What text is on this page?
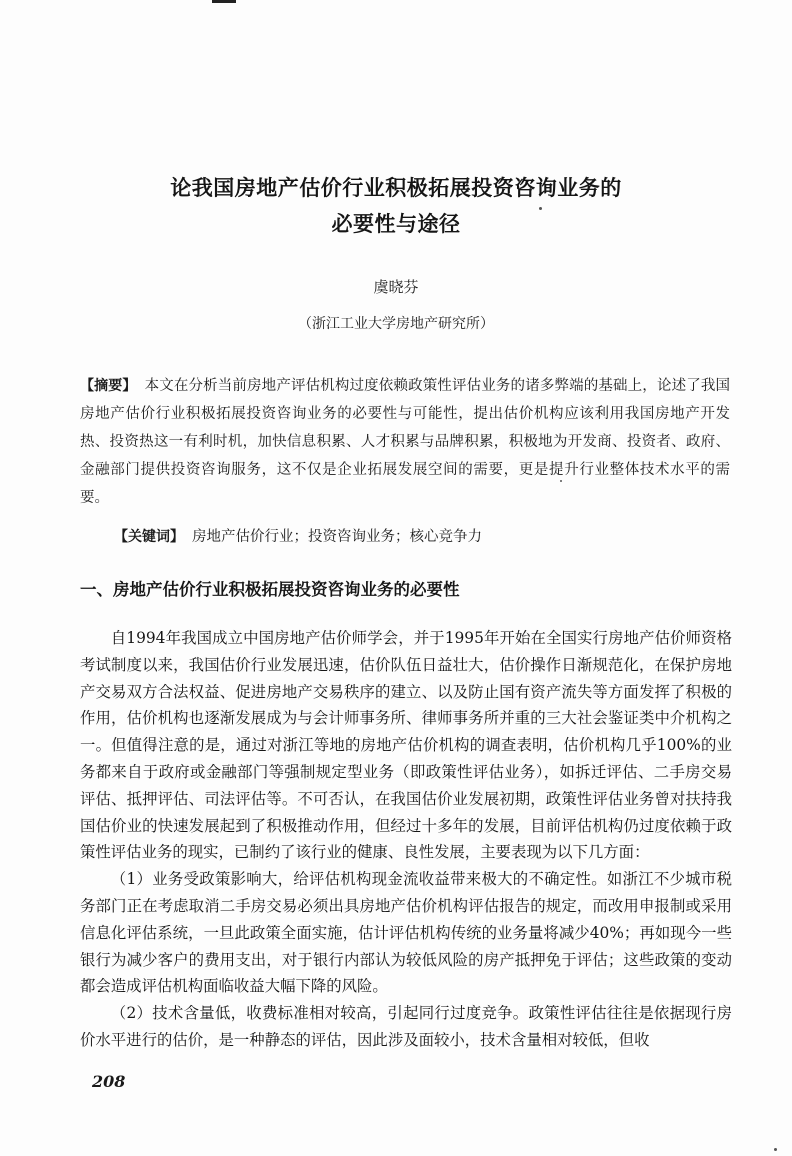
论我国房地产估价行业积极拓展投资咨询业务的
必要性与途径
虞晓芬
（浙江工业大学房地产研究所）
【摘要】 本文在分析当前房地产评估机构过度依赖政策性评估业务的诸多弊端的基础上，论述了我国房地产估价行业积极拓展投资咨询业务的必要性与可能性，提出估价机构应该利用我国房地产开发热、投资热这一有利时机，加快信息积累、人才积累与品牌积累，积极地为开发商、投资者、政府、金融部门提供投资咨询服务，这不仅是企业拓展发展空间的需要，更是提升行业整体技术水平的需要。
【关键词】 房地产估价行业；投资咨询业务；核心竞争力
一、房地产估价行业积极拓展投资咨询业务的必要性

自1994年我国成立中国房地产估价师学会，并于1995年开始在全国实行房地产估价师资格考试制度以来，我国估价行业发展迅速，估价队伍日益壮大，估价操作日渐规范化，在保护房地产交易双方合法权益、促进房地产交易秩序的建立、以及防止国有资产流失等方面发挥了积极的作用，估价机构也逐渐发展成为与会计师事务所、律师事务所并重的三大社会鉴证类中介机构之一。但值得注意的是，通过对浙江等地的房地产估价机构的调查表明，估价机构几乎100%的业务都来自于政府或金融部门等强制规定型业务（即政策性评估业务），如拆迁评估、二手房交易评估、抵押评估、司法评估等。不可否认，在我国估价业发展初期，政策性评估业务曾对扶持我国估价业的快速发展起到了积极推动作用，但经过十多年的发展，目前评估机构仍过度依赖于政策性评估业务的现实，已制约了该行业的健康、良性发展，主要表现为以下几方面：

（1）业务受政策影响大，给评估机构现金流收益带来极大的不确定性。如浙江不少城市税务部门正在考虑取消二手房交易必须出具房地产估价机构评估报告的规定，而改用申报制或采用信息化评估系统，一旦此政策全面实施，估计评估机构传统的业务量将减少40%；再如现今一些银行为减少客户的费用支出，对于银行内部认为较低风险的房产抵押免于评估；这些政策的变动都会造成评估机构面临收益大幅下降的风险。

（2）技术含量低，收费标准相对较高，引起同行过度竞争。政策性评估往往是依据现行房价水平进行的估价，是一种静态的评估，因此涉及面较小，技术含量相对较低，但收

208
